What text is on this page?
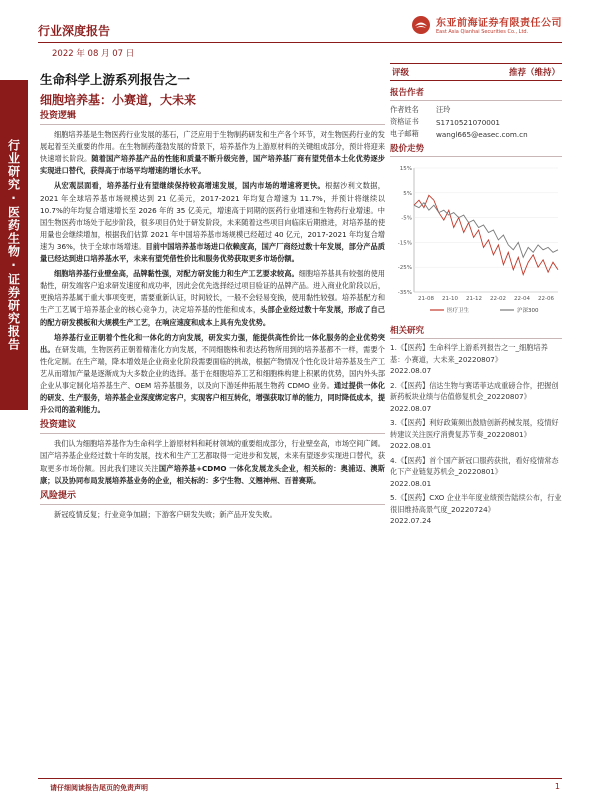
行业深度报告
东亚前海证券有限责任公司
East Asia Qianhai Securities Co., Ltd.
2022 年 08 月 07 日
行业研究·医药生物·证券研究报告
生命科学上游系列报告之一
细胞培养基：小赛道，大未来
投资逻辑

细胞培养基是生物医药行业发展的基石，广泛应用于生物制药研发和生产各个环节，对生物医药行业的发展起着至关重要的作用。在生物制药蓬勃发展的背景下，培养基作为上游原材料的关键组成部分，预计将迎来快速增长阶段。随着国产培养基产品的性能和质量不断升级完善，国产培养基厂商有望凭借本土化优势逐步实现进口替代，获得高于市场平均增速的增长水平。

从宏观层面看，培养基行业有望继续保持较高增速发展，国内市场的增速将更快。根据沙利文数据，2021 年全球培养基市场规模达到 21 亿美元，2017-2021 年均复合增速为 11.7%，并预计将继续以 10.7%的年均复合增速增长至 2026 年的 35 亿美元，增速高于同期的医药行业增速和生物药行业增速。中国生物医药市场处于起步阶段，很多项目仍处于研发阶段，未来随着这些项目向临床后期推进，对培养基的使用量也会继续增加，根据我们估算 2021 年中国培养基市场规模已经超过 40 亿元，2017-2021 年均复合增速为 36%，快于全球市场增速。目前中国培养基市场进口依赖度高，国产厂商经过数十年发展，部分产品质量已经达到进口培养基水平，未来有望凭借性价比和服务优势获取更多市场份额。

细胞培养基行业壁垒高，品牌黏性强，对配方研发能力和生产工艺要求较高。细胞培养基具有较强的使用黏性，研发端客户追求研发速度和成功率，因此会优先选择经过项目验证的品牌产品。进入商业化阶段以后，更换培养基属于重大事项变更，需要重新认证，时间较长，一般不会轻易变换，使用黏性较强。培养基配方和生产工艺属于培养基企业的核心竞争力，决定培养基的性能和成本，头部企业经过数十年发展，形成了自己的配方研发模板和大规模生产工艺，在响应速度和成本上具有先发优势。

培养基行业正朝着个性化和一体化的方向发展，研发实力强，能提供高性价比一体化服务的企业优势突出。在研发端，生物医药正朝着精准化方向发展，不同细胞株和表达药物所用到的培养基都不一样，需要个性化定制。在生产端，降本增效是企业商业化阶段需要面临的挑战，根据产物情况个性化设计培养基及生产工艺从而增加产量是逐渐成为大多数企业的选择。基于在细胞培养工艺和细胞株构建上积累的优势，国内外头部企业从事定制化培养基生产、OEM 培养基服务，以及向下游延伸拓展生物药 CDMO 业务。通过提供一体化的研发、生产服务，培养基企业深度绑定客户，实现客户相互转化，增强获取订单的能力，同时降低成本，提升公司的盈利能力。

投资建议

我们认为细胞培养基作为生命科学上游原材料和耗材领域的重要组成部分，行业壁垒高，市场空间广阔。国产培养基企业经过数十年的发展，技术和生产工艺都取得一定进步和发展，未来有望逐步实现进口替代，获取更多市场份额。因此我们建议关注国产培养基+CDMO 一体化发展龙头企业，相关标的：奥浦迈、澳斯康；以及协同布局发展培养基业务的企业，相关标的：多宁生物、义翘神州、百普赛斯。

风险提示

新冠疫情反复；行业竞争加剧；下游客户研发失败；新产品开发失败。

评级	推荐（维持）
报告作者
作者姓名	汪玲
资格证书	S1710521070001
电子邮箱	wangl665@easec.com.cn
股价走势
-35%
-25%
-15%
-5%
5%
15%
21-08 21-10 21-12 22-02 22-04 22-06
医疗卫生	沪深300
相关研究
1.《【医药】生命科学上游系列报告之一_细胞培养基：小赛道，大未来_20220807》
2022.08.07
2.《【医药】信达生物与赛诺菲达成重磅合作，把握创新药板块业绩与估值修复机会_20220807》
2022.08.07
3.《【医药】利好政策频出鼓励创新药械发展，疫情好转建议关注医疗消费复苏节奏_20220801》
2022.08.01
4.《【医药】首个国产新冠口服药获批，看好疫情常态化下产业链复苏机会_20220801》
2022.08.01
5.《【医药】CXO 企业半年度业绩预告陆续公布，行业很旧维持高景气度_20220724》
2022.07.24
请仔细阅读报告尾页的免责声明	1
